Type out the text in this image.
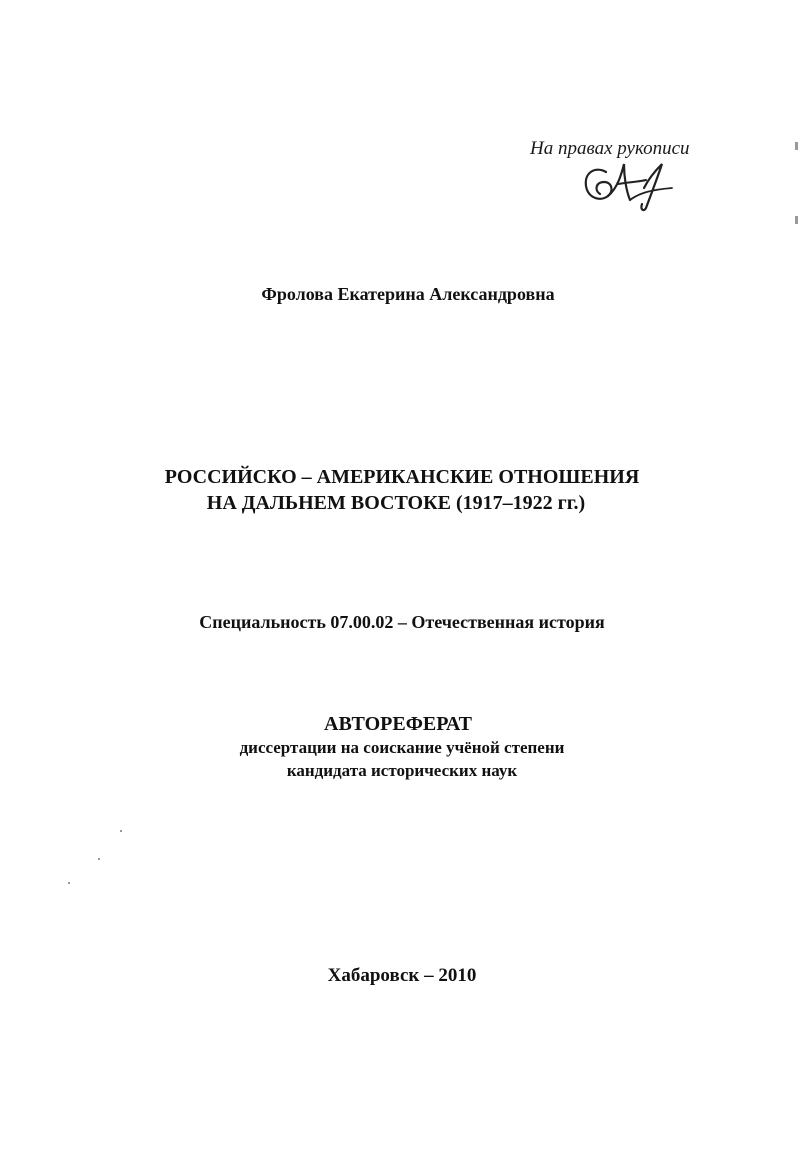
На правах рукописи
Фролова Екатерина Александровна
РОССИЙСКО – АМЕРИКАНСКИЕ ОТНОШЕНИЯ
НА ДАЛЬНЕМ ВОСТОКЕ (1917–1922 гг.)
Специальность 07.00.02 – Отечественная история
АВТОРЕФЕРАТ
диссертации на соискание учёной степени
кандидата исторических наук
Хабаровск – 2010
